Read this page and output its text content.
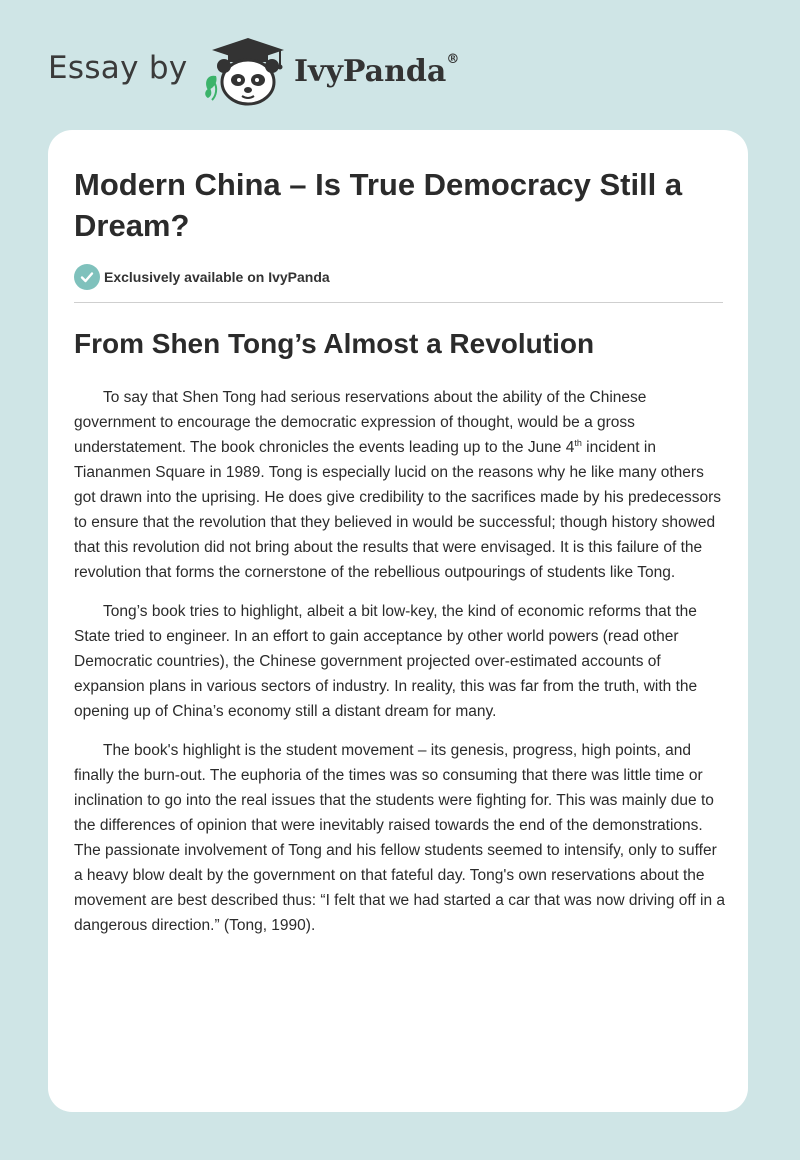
Essay by	IvyPanda®
Modern China – Is True Democracy Still a Dream?
Exclusively available on IvyPanda
From Shen Tong’s Almost a Revolution

To say that Shen Tong had serious reservations about the ability of the Chinese government to encourage the democratic expression of thought, would be a gross understatement. The book chronicles the events leading up to the June 4th incident in Tiananmen Square in 1989. Tong is especially lucid on the reasons why he like many others got drawn into the uprising. He does give credibility to the sacrifices made by his predecessors to ensure that the revolution that they believed in would be successful; though history showed that this revolution did not bring about the results that were envisaged. It is this failure of the revolution that forms the cornerstone of the rebellious outpourings of students like Tong.

Tong’s book tries to highlight, albeit a bit low-key, the kind of economic reforms that the State tried to engineer. In an effort to gain acceptance by other world powers (read other Democratic countries), the Chinese government projected over-estimated accounts of expansion plans in various sectors of industry. In reality, this was far from the truth, with the opening up of China’s economy still a distant dream for many.

The book's highlight is the student movement – its genesis, progress, high points, and finally the burn-out. The euphoria of the times was so consuming that there was little time or inclination to go into the real issues that the students were fighting for. This was mainly due to the differences of opinion that were inevitably raised towards the end of the demonstrations. The passionate involvement of Tong and his fellow students seemed to intensify, only to suffer a heavy blow dealt by the government on that fateful day. Tong's own reservations about the movement are best described thus: “I felt that we had started a car that was now driving off in a dangerous direction.” (Tong, 1990).
